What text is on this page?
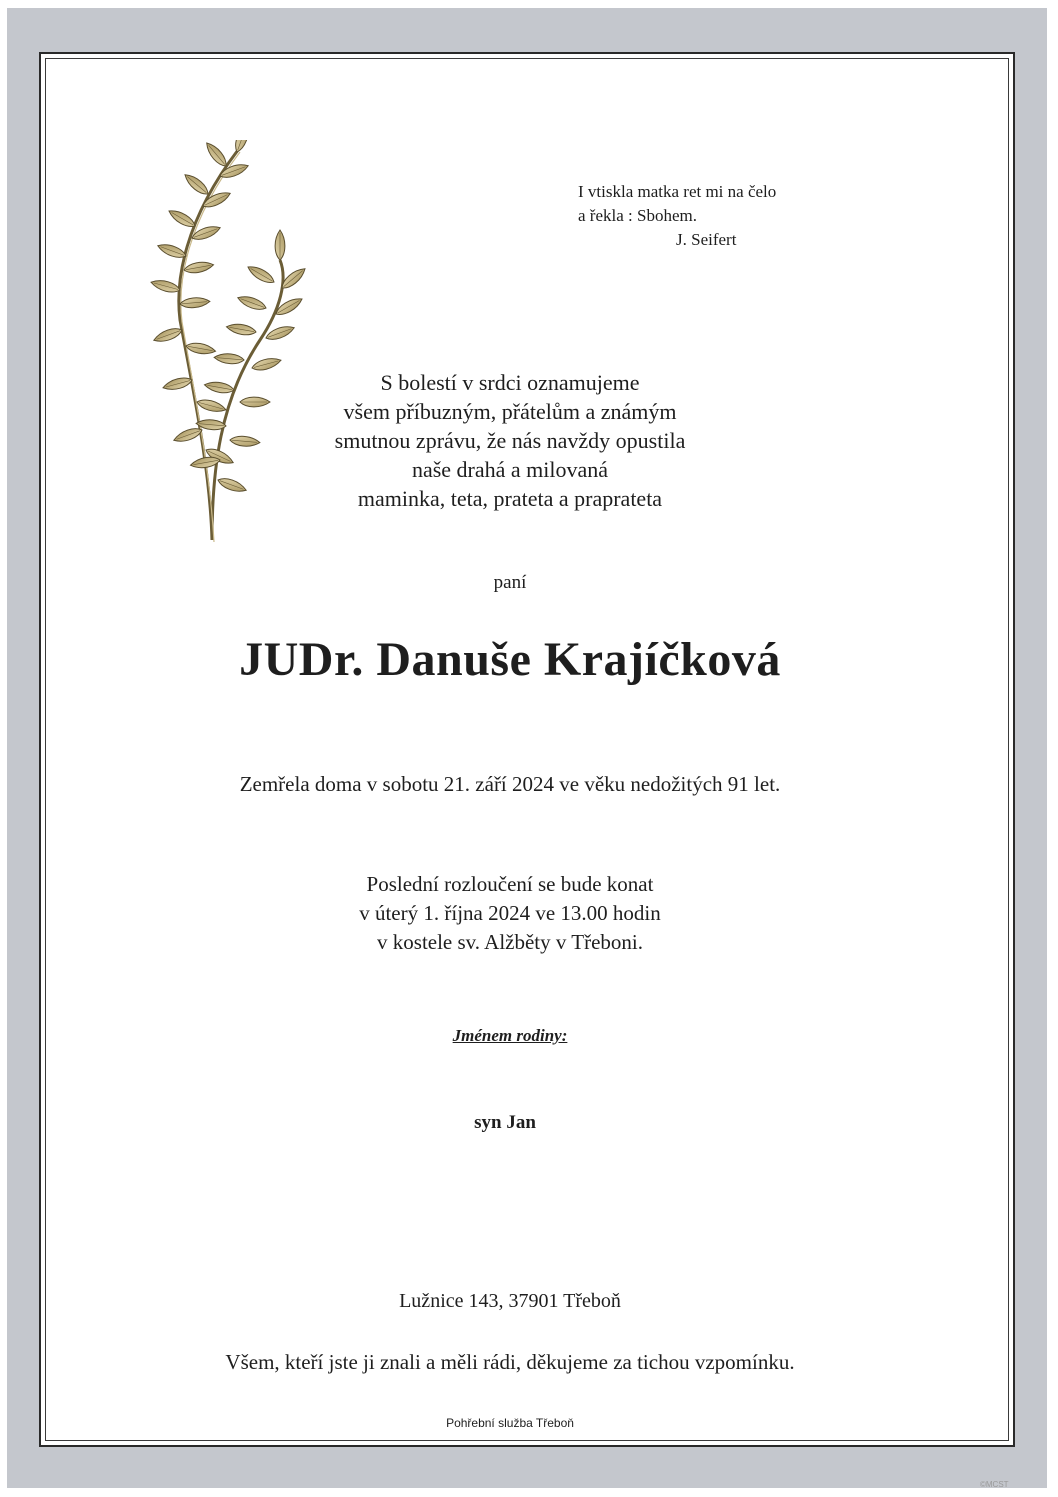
I vtiskla matka ret mi na čelo
a řekla : Sbohem.
J. Seifert
S bolestí v srdci oznamujeme
všem příbuzným, přátelům a známým
smutnou zprávu, že nás navždy opustila
naše drahá a milovaná
maminka, teta, prateta a praprateta
paní
JUDr. Danuše Krajíčková
Zemřela doma v sobotu 21. září 2024 ve věku nedožitých 91 let.
Poslední rozloučení se bude konat
v úterý 1. října 2024 ve 13.00 hodin
v kostele sv. Alžběty v Třeboni.
Jménem rodiny:
syn Jan
Lužnice 143, 37901 Třeboň
Všem, kteří jste ji znali a měli rádi, děkujeme za tichou vzpomínku.
Pohřební služba Třeboň
©MCST
